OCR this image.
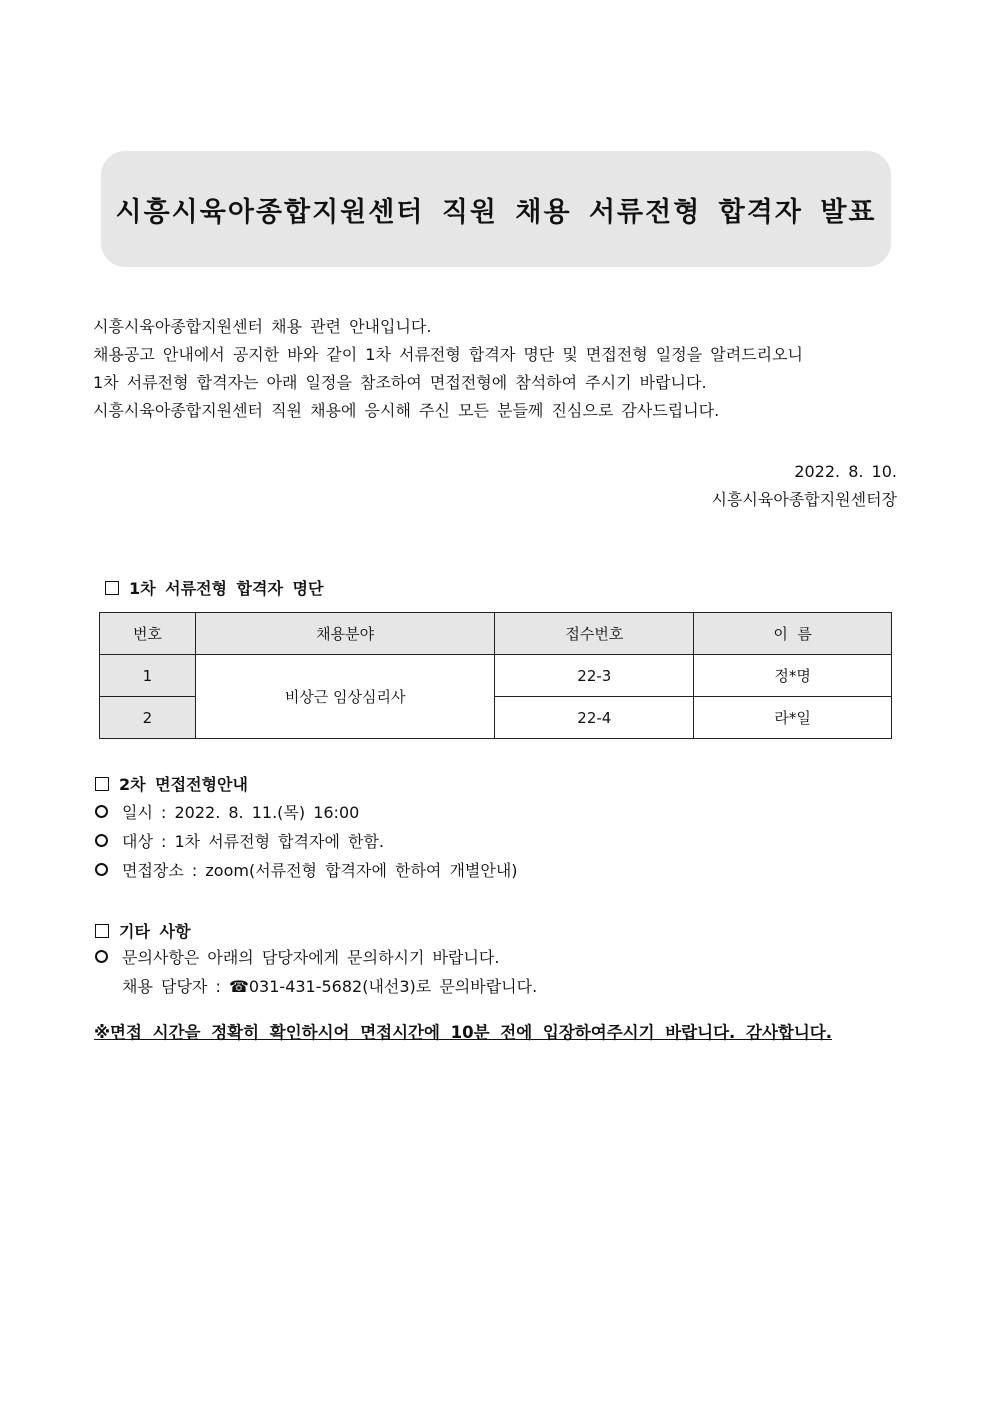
시흥시육아종합지원센터 직원 채용 서류전형 합격자 발표

시흥시육아종합지원센터 채용 관련 안내입니다.

채용공고 안내에서 공지한 바와 같이 1차 서류전형 합격자 명단 및 면접전형 일정을 알려드리오니

1차 서류전형 합격자는 아래 일정을 참조하여 면접전형에 참석하여 주시기 바랍니다.

시흥시육아종합지원센터 직원 채용에 응시해 주신 모든 분들께 진심으로 감사드립니다.

2022. 8. 10.
시흥시육아종합지원센터장
1차 서류전형 합격자 명단
번호	채용분야	접수번호	이  름
1	비상근 임상심리사	22-3	정*명
2		22-4	라*일
2차 면접전형안내
일시 : 2022. 8. 11.(목) 16:00
대상 : 1차 서류전형 합격자에 한함.
면접장소 : zoom(서류전형 합격자에 한하여 개별안내)
기타 사항
문의사항은 아래의 담당자에게 문의하시기 바랍니다.
채용 담당자 : ☎031-431-5682(내선3)로 문의바랍니다.
※면접 시간을 정확히 확인하시어 면접시간에 10분 전에 입장하여주시기 바랍니다. 감사합니다.
